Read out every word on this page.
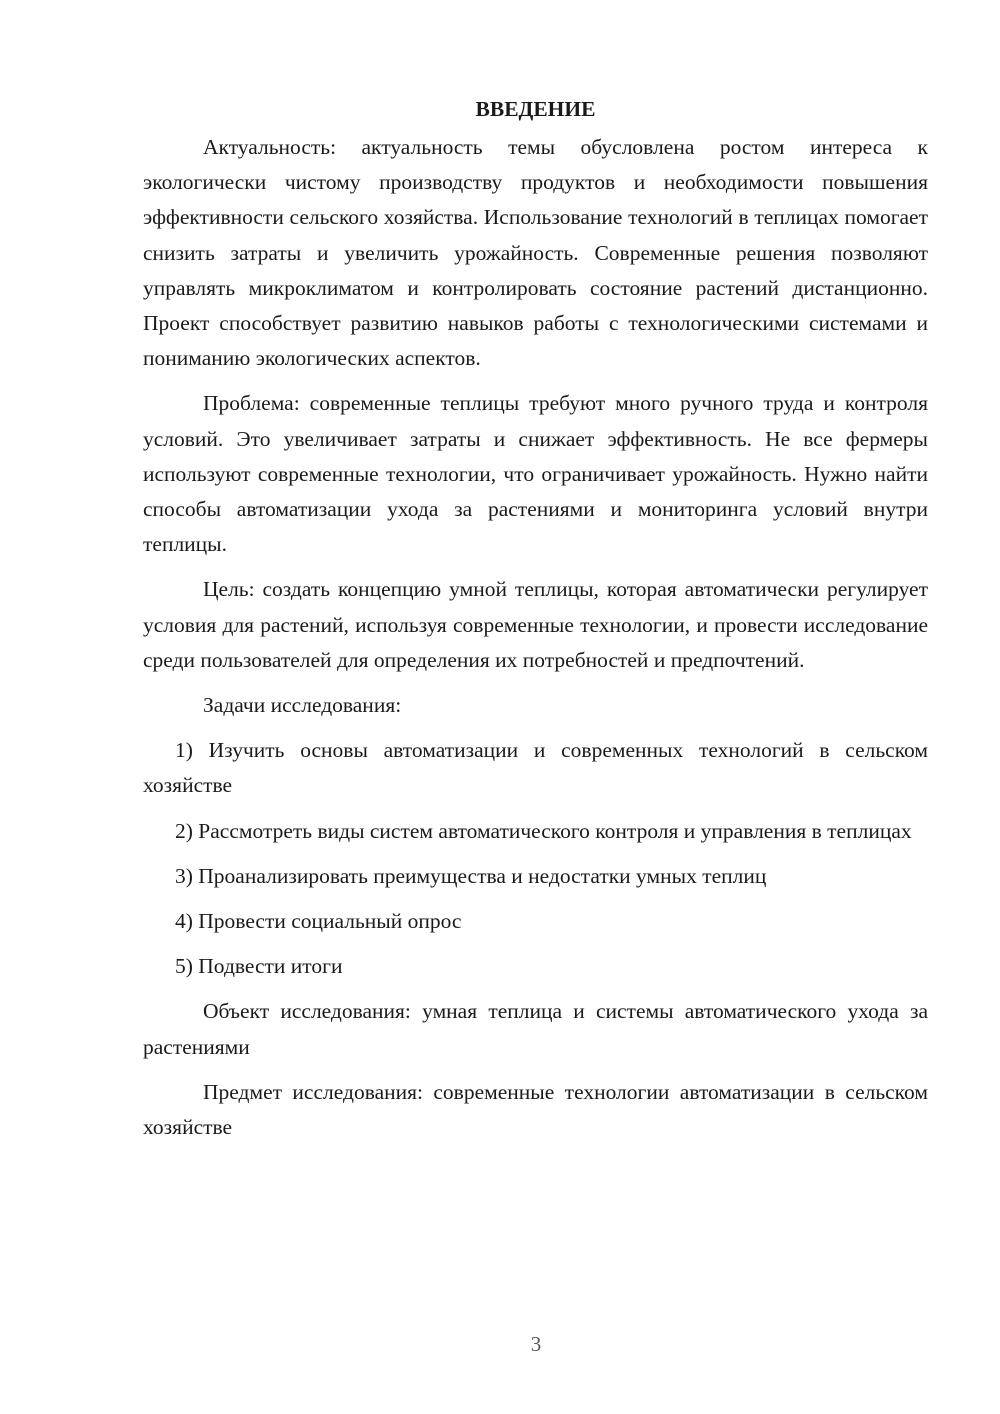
ВВЕДЕНИЕ

Актуальность: актуальность темы обусловлена ростом интереса к экологически чистому производству продуктов и необходимости повышения эффективности сельского хозяйства. Использование технологий в теплицах помогает снизить затраты и увеличить урожайность. Современные решения позволяют управлять микроклиматом и контролировать состояние растений дистанционно. Проект способствует развитию навыков работы с технологическими системами и пониманию экологических аспектов.

Проблема: современные теплицы требуют много ручного труда и контроля условий. Это увеличивает затраты и снижает эффективность. Не все фермеры используют современные технологии, что ограничивает урожайность. Нужно найти способы автоматизации ухода за растениями и мониторинга условий внутри теплицы.

Цель: создать концепцию умной теплицы, которая автоматически регулирует условия для растений, используя современные технологии, и провести исследование среди пользователей для определения их потребностей и предпочтений.

Задачи исследования:

1) Изучить основы автоматизации и современных технологий в сельском хозяйстве

2) Рассмотреть виды систем автоматического контроля и управления в теплицах

3) Проанализировать преимущества и недостатки умных теплиц

4) Провести социальный опрос

5) Подвести итоги

Объект исследования: умная теплица и системы автоматического ухода за растениями

Предмет исследования: современные технологии автоматизации в сельском хозяйстве

3
